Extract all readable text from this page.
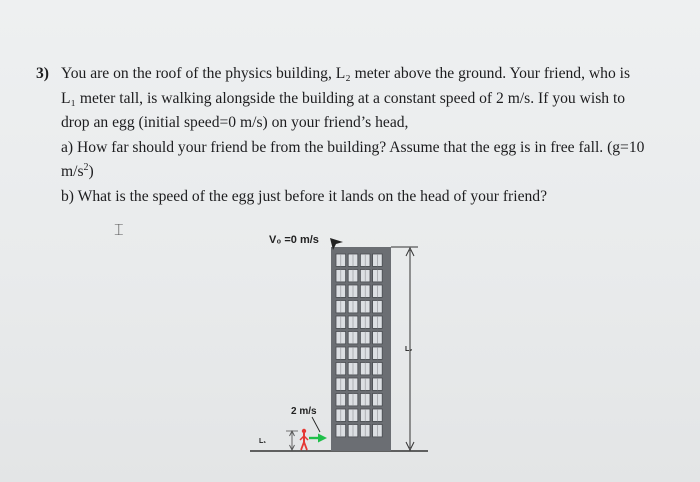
3) You are on the roof of the physics building, L₂ meter above the ground. Your friend, who is
L₁ meter tall, is walking alongside the building at a constant speed of 2 m/s. If you wish to
drop an egg (initial speed=0 m/s) on your friend’s head,
a) How far should your friend be from the building? Assume that the egg is in free fall. (g=10
$m/s^2$)
b) What is the speed of the egg just before it lands on the head of your friend?
⌶
V₀ =0 m/s
L₂
2 m/s
L₁
